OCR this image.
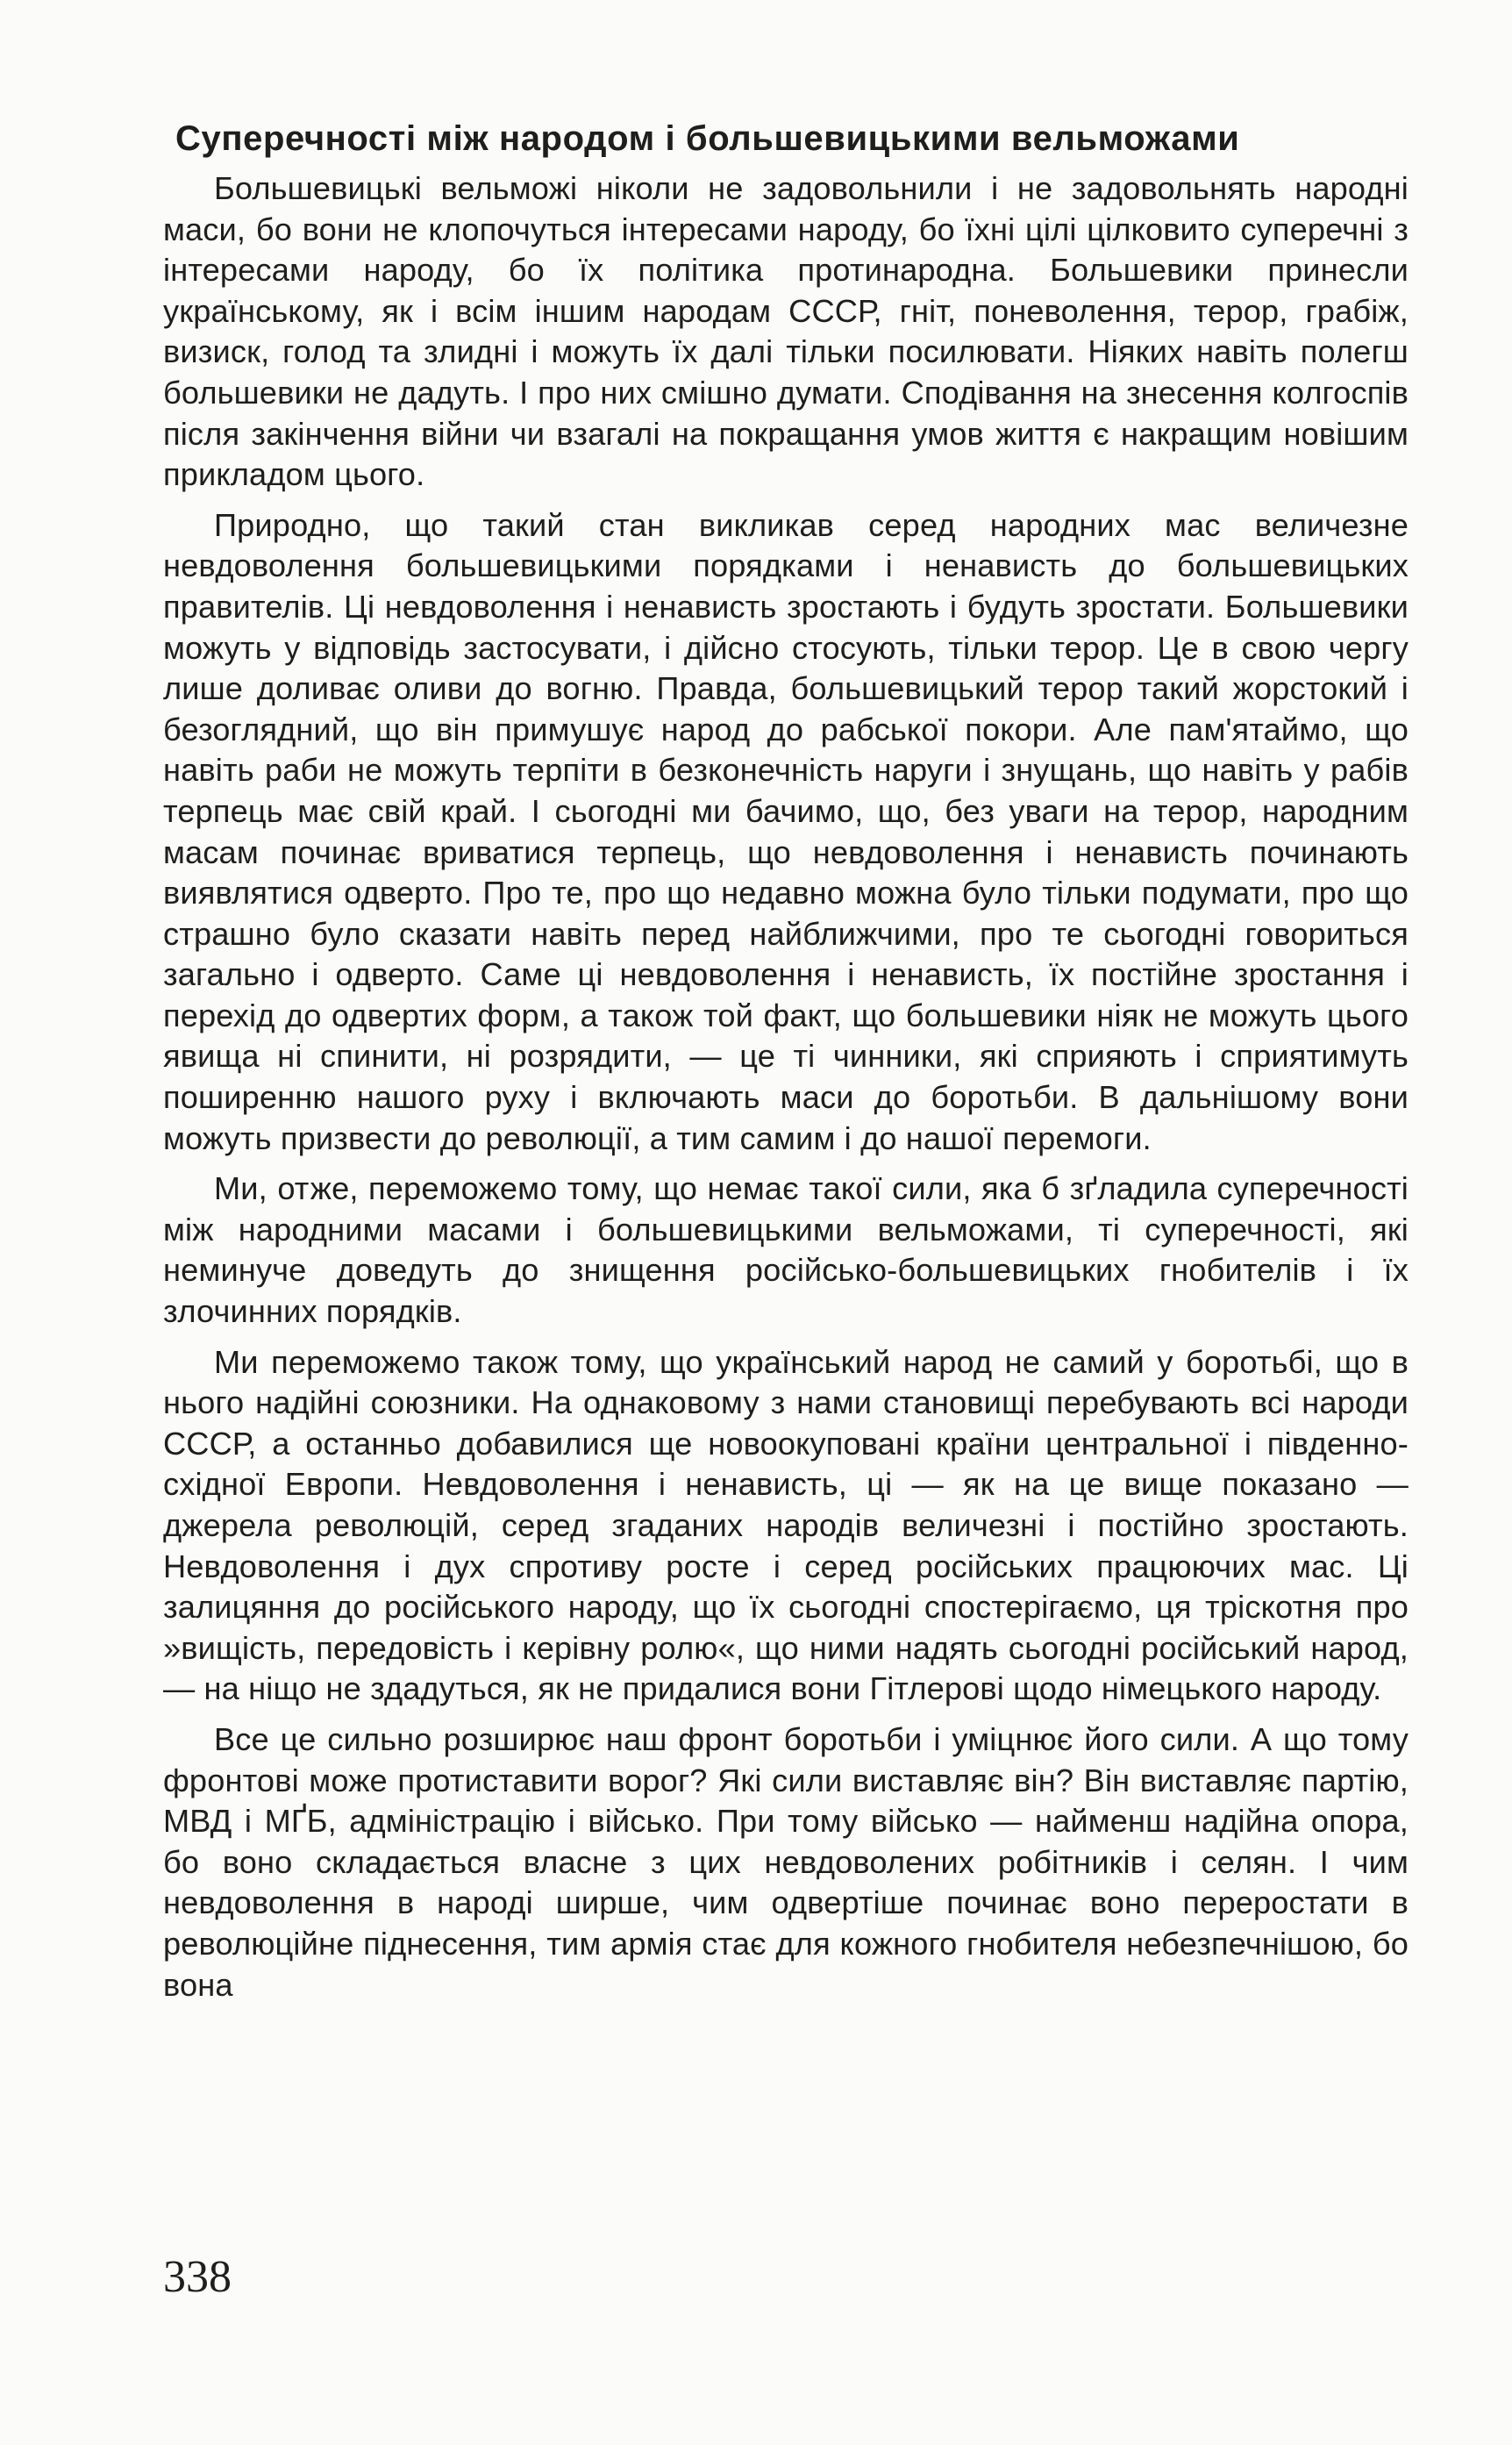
Суперечності між народом і большевицькими вельможами

Большевицькі вельможі ніколи не задовольнили і не задовольнять народні маси, бо вони не клопочуться інтересами народу, бо їхні цілі цілковито суперечні з інтересами народу, бо їх політика протинародна. Большевики принесли українському, як і всім іншим народам СССР, гніт, поневолення, терор, грабіж, визиск, голод та злидні і можуть їх далі тільки посилювати. Ніяких навіть полегш большевики не дадуть. І про них смішно думати. Сподівання на знесення колгоспів після закінчення війни чи взагалі на покращання умов життя є накращим новішим прикладом цього.

Природно, що такий стан викликав серед народних мас величезне невдоволення большевицькими порядками і ненависть до большевицьких правителів. Ці невдоволення і ненависть зростають і будуть зростати. Большевики можуть у відповідь застосувати, і дійсно стосують, тільки терор. Це в свою чергу лише доливає оливи до вогню. Правда, большевицький терор такий жорстокий і безоглядний, що він примушує народ до рабської покори. Але пам'ятаймо, що навіть раби не можуть терпіти в безконечність наруги і знущань, що навіть у рабів терпець має свій край. І сьогодні ми бачимо, що, без уваги на терор, народним масам починає вриватися терпець, що невдоволення і ненависть починають виявлятися одверто. Про те, про що недавно можна було тільки подумати, про що страшно було сказати навіть перед найближчими, про те сьогодні говориться загально і одверто. Саме ці невдоволення і ненависть, їх постійне зростання і перехід до одвертих форм, а також той факт, що большевики ніяк не можуть цього явища ні спинити, ні розрядити, — це ті чинники, які сприяють і сприятимуть поширенню нашого руху і включають маси до боротьби. В дальнішому вони можуть призвести до революції, а тим самим і до нашої перемоги.

Ми, отже, переможемо тому, що немає такої сили, яка б зґладила суперечності між народними масами і большевицькими вельможами, ті суперечності, які неминуче доведуть до знищення російсько-большевицьких гнобителів і їх злочинних порядків.

Ми переможемо також тому, що український народ не самий у боротьбі, що в нього надійні союзники. На однаковому з нами становищі перебувають всі народи СССР, а останньо добавилися ще новоокуповані країни центральної і південно-східної Европи. Невдоволення і ненависть, ці — як на це вище показано — джерела революцій, серед згаданих народів величезні і постійно зростають. Невдоволення і дух спротиву росте і серед російських працюючих мас. Ці залицяння до російського народу, що їх сьогодні спостерігаємо, ця тріскотня про »вищість, передовість і керівну ролю«, що ними надять сьогодні російський народ, — на ніщо не здадуться, як не придалися вони Гітлерові щодо німецького народу.

Все це сильно розширює наш фронт боротьби і уміцнює його сили. А що тому фронтові може протиставити ворог? Які сили виставляє він? Він виставляє партію, МВД і МҐБ, адміністрацію і військо. При тому військо — найменш надійна опора, бо воно складається власне з цих невдоволених робітників і селян. І чим невдоволення в народі ширше, чим одвертіше починає воно переростати в революційне піднесення, тим армія стає для кожного гнобителя небезпечнішою, бо вона

338
